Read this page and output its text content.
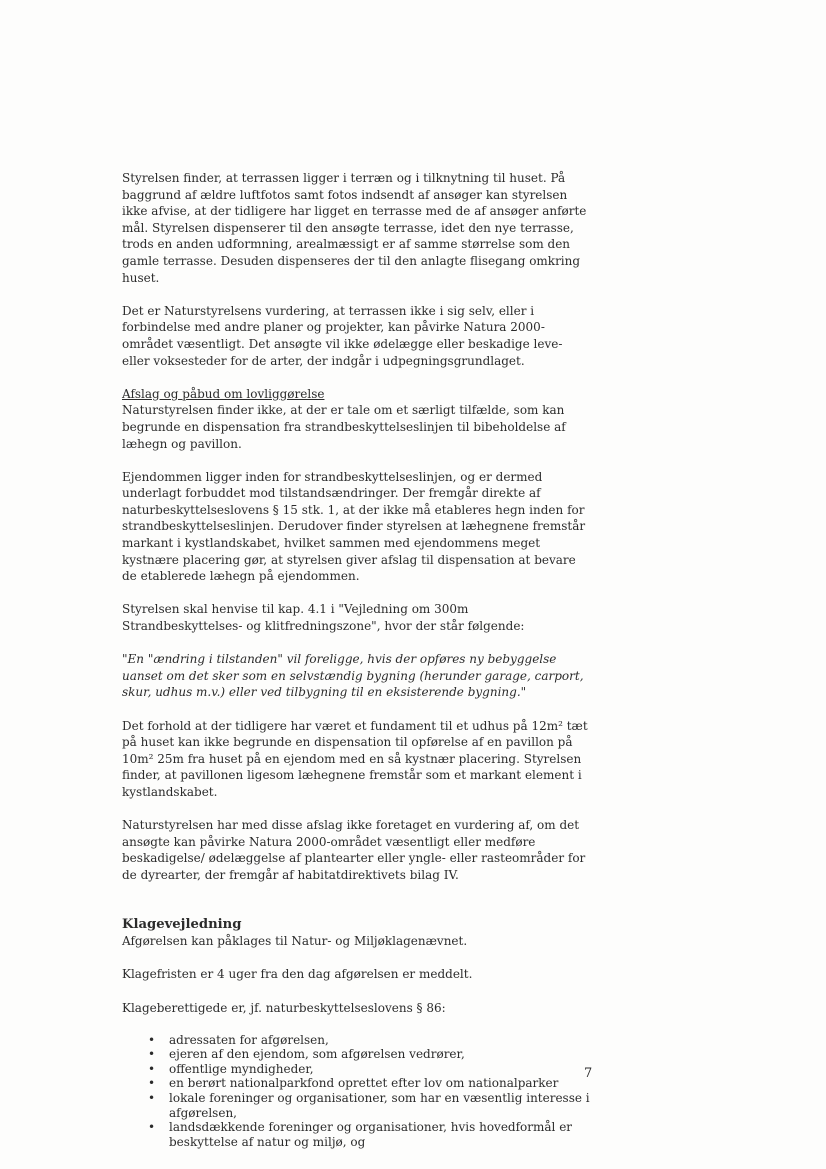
Styrelsen finder, at terrassen ligger i terræn og i tilknytning til huset. På baggrund af ældre luftfotos samt fotos indsendt af ansøger kan styrelsen ikke afvise, at der tidligere har ligget en terrasse med de af ansøger anførte mål. Styrelsen dispenserer til den ansøgte terrasse, idet den nye terrasse, trods en anden udformning, arealmæssigt er af samme størrelse som den gamle terrasse. Desuden dispenseres der til den anlagte flisegang omkring huset.

Det er Naturstyrelsens vurdering, at terrassen ikke i sig selv, eller i forbindelse med andre planer og projekter, kan påvirke Natura 2000-området væsentligt. Det ansøgte vil ikke ødelægge eller beskadige leve- eller voksesteder for de arter, der indgår i udpegningsgrundlaget.

Afslag og påbud om lovliggørelse

Naturstyrelsen finder ikke, at der er tale om et særligt tilfælde, som kan begrunde en dispensation fra strandbeskyttelseslinjen til bibeholdelse af læhegn og pavillon.

Ejendommen ligger inden for strandbeskyttelseslinjen, og er dermed underlagt forbuddet mod tilstandsændringer. Der fremgår direkte af naturbeskyttelseslovens § 15 stk. 1, at der ikke må etableres hegn inden for strandbeskyttelseslinjen. Derudover finder styrelsen at læhegnene fremstår markant i kystlandskabet, hvilket sammen med ejendommens meget kystnære placering gør, at styrelsen giver afslag til dispensation at bevare de etablerede læhegn på ejendommen.

Styrelsen skal henvise til kap. 4.1 i "Vejledning om 300m Strandbeskyttelses- og klitfredningszone", hvor der står følgende:

"En "ændring i tilstanden" vil foreligge, hvis der opføres ny bebyggelse uanset om det sker som en selvstændig bygning (herunder garage, carport, skur, udhus m.v.) eller ved tilbygning til en eksisterende bygning."

Det forhold at der tidligere har været et fundament til et udhus på 12m² tæt på huset kan ikke begrunde en dispensation til opførelse af en pavillon på 10m² 25m fra huset på en ejendom med en så kystnær placering. Styrelsen finder, at pavillonen ligesom læhegnene fremstår som et markant element i kystlandskabet.

Naturstyrelsen har med disse afslag ikke foretaget en vurdering af, om det ansøgte kan påvirke Natura 2000-området væsentligt eller medføre beskadigelse/ ødelæggelse af plantearter eller yngle- eller rasteområder for de dyrearter, der fremgår af habitatdirektivets bilag IV.

Klagevejledning

Afgørelsen kan påklages til Natur- og Miljøklagenævnet.

Klagefristen er 4 uger fra den dag afgørelsen er meddelt.

Klageberettigede er, jf. naturbeskyttelseslovens § 86:

• adressaten for afgørelsen,
• ejeren af den ejendom, som afgørelsen vedrører,
• offentlige myndigheder,
• en berørt nationalparkfond oprettet efter lov om nationalparker
• lokale foreninger og organisationer, som har en væsentlig interesse i afgørelsen,
• landsdækkende foreninger og organisationer, hvis hovedformål er beskyttelse af natur og miljø, og
7
